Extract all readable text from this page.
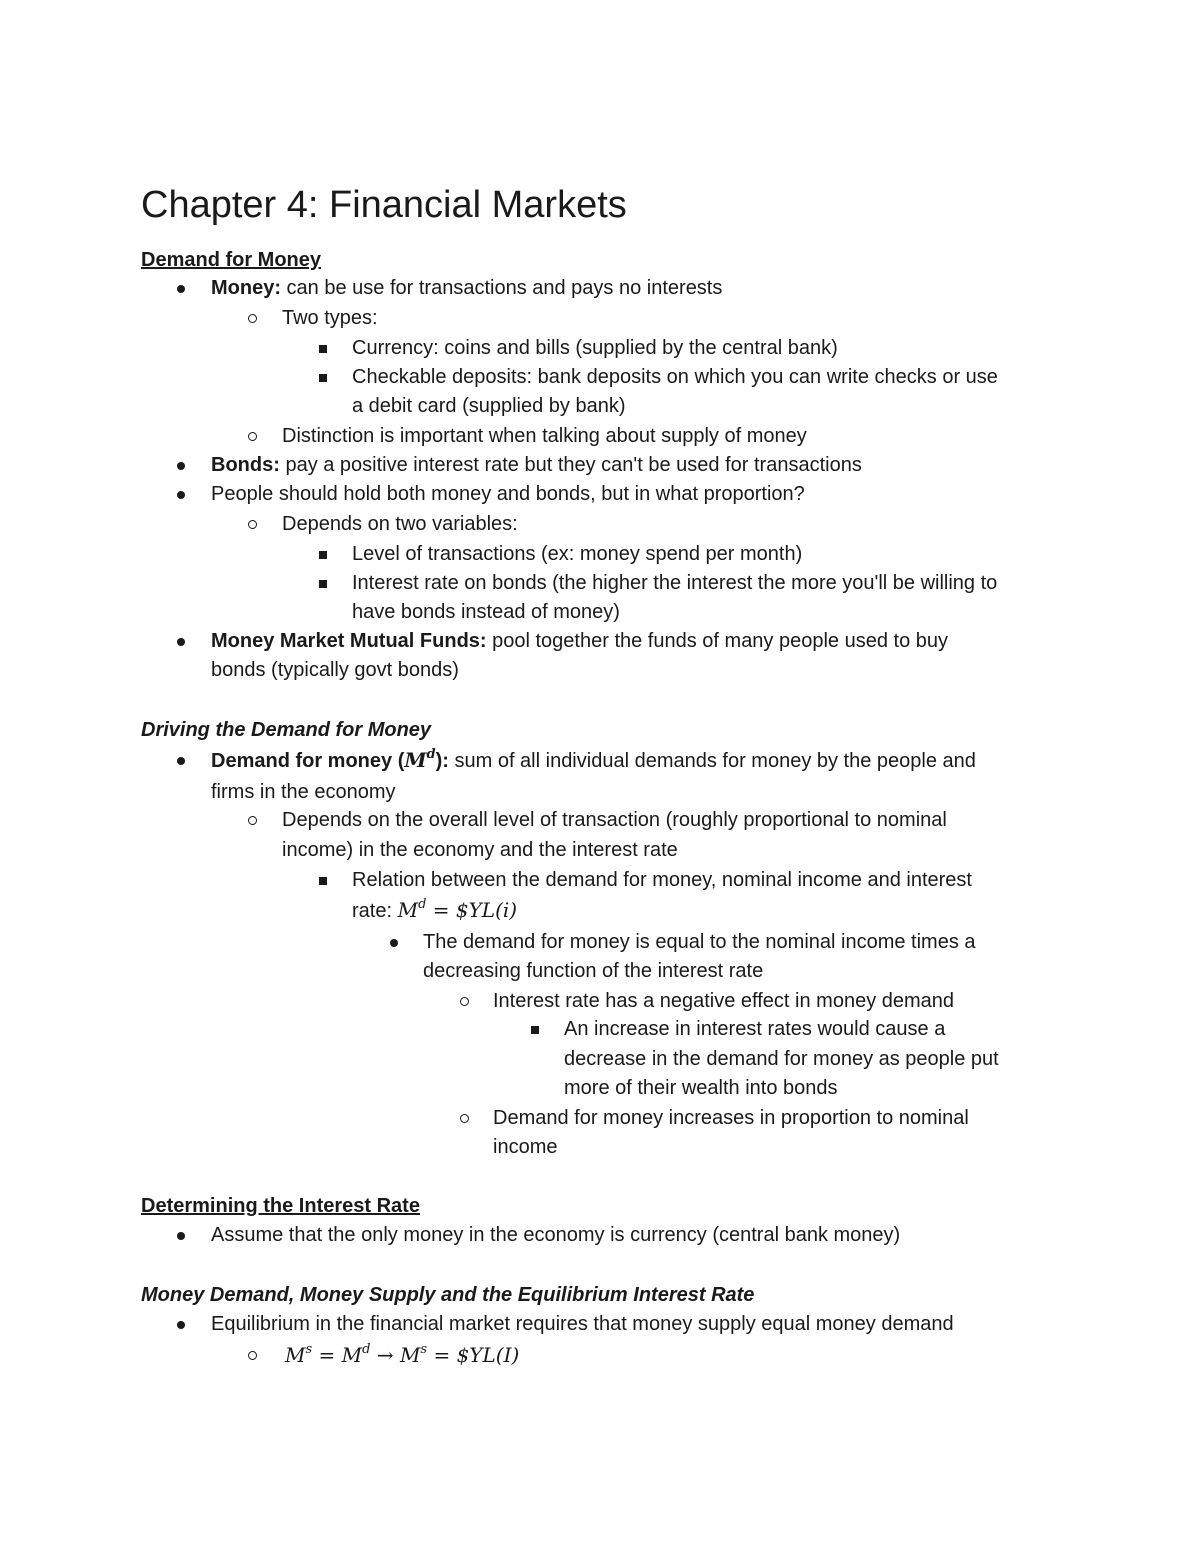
Chapter 4: Financial Markets
Demand for Money
Money: can be use for transactions and pays no interests
Two types:
Currency: coins and bills (supplied by the central bank)
Checkable deposits: bank deposits on which you can write checks or use
a debit card (supplied by bank)
Distinction is important when talking about supply of money
Bonds: pay a positive interest rate but they can't be used for transactions
People should hold both money and bonds, but in what proportion?
Depends on two variables:
Level of transactions (ex: money spend per month)
Interest rate on bonds (the higher the interest the more you'll be willing to
have bonds instead of money)
Money Market Mutual Funds: pool together the funds of many people used to buy
bonds (typically govt bonds)
Driving the Demand for Money
Demand for money $(M^d)$: sum of all individual demands for money by the people and
firms in the economy
Depends on the overall level of transaction (roughly proportional to nominal
income) in the economy and the interest rate
Relation between the demand for money, nominal income and interest
rate: $M^d$ = $YL(i)
The demand for money is equal to the nominal income times a
decreasing function of the interest rate
Interest rate has a negative effect in money demand
An increase in interest rates would cause a
decrease in the demand for money as people put
more of their wealth into bonds
Demand for money increases in proportion to nominal
income
Determining the Interest Rate
Assume that the only money in the economy is currency (central bank money)
Money Demand, Money Supply and the Equilibrium Interest Rate
Equilibrium in the financial market requires that money supply equal money demand
$M^s = M^d \to M^s$ = $YL(I)
